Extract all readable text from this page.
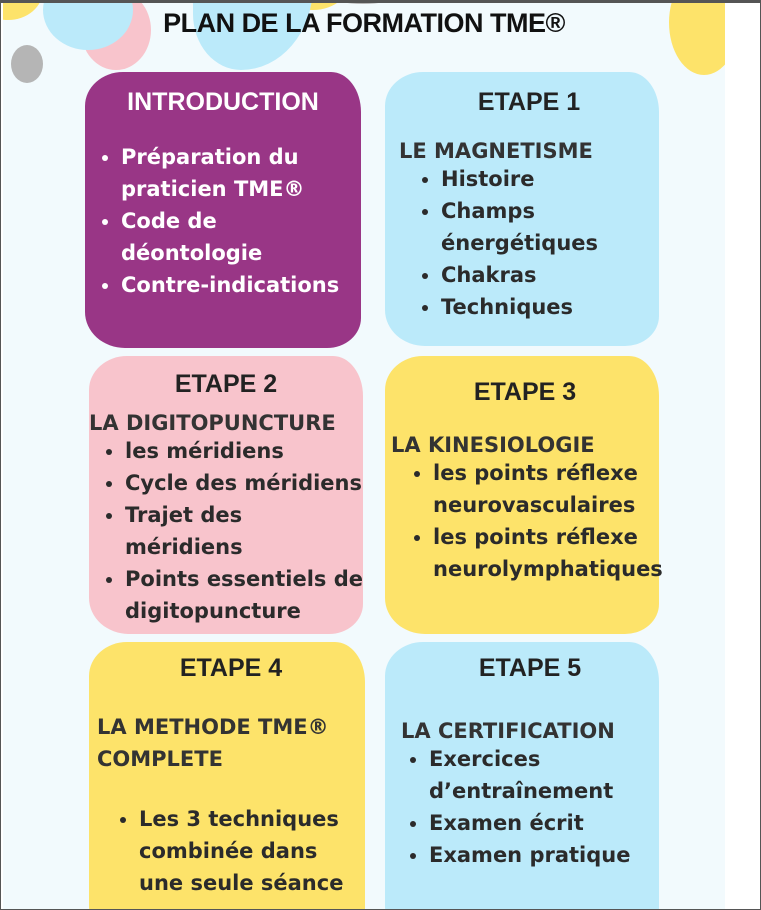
PLAN DE LA FORMATION TME®
INTRODUCTION
• Préparation du praticien TME®
• Code de déontologie
• Contre-indications
ETAPE 1

LE MAGNETISME

• Histoire
• Champs énergétiques
• Chakras
• Techniques
ETAPE 2

LA DIGITOPUNCTURE

• les méridiens
• Cycle des méridiens
• Trajet des méridiens
• Points essentiels de digitopuncture
ETAPE 3

LA KINESIOLOGIE

• les points réflexe neurovasculaires
• les points réflexe neurolymphatiques
ETAPE 4

LA METHODE TME® COMPLETE

• Les 3 techniques combinée dans une seule séance
ETAPE 5

LA CERTIFICATION

• Exercices d’entraînement
• Examen écrit
• Examen pratique
